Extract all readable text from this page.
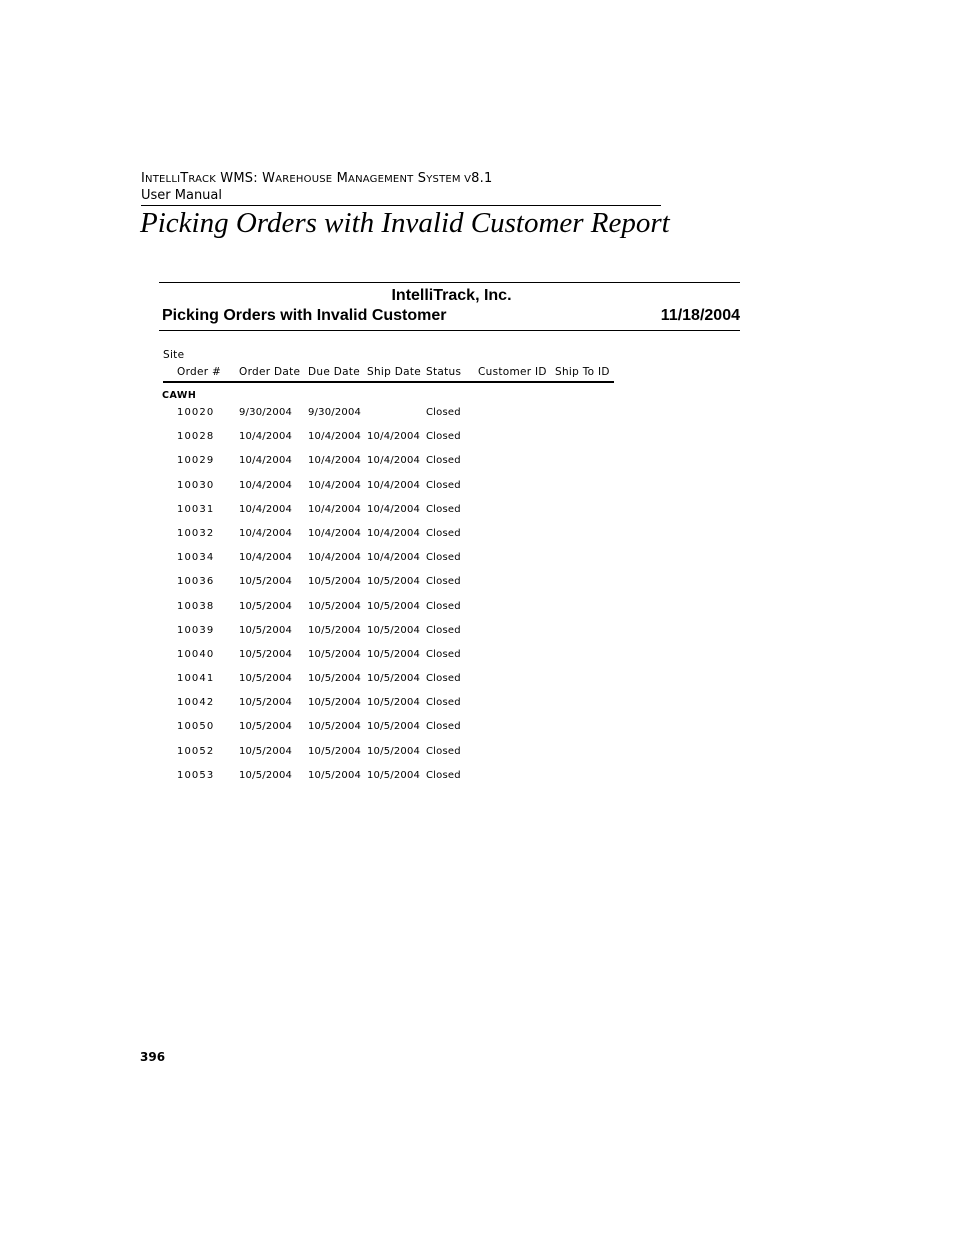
INTELLITRACK WMS: WAREHOUSE MANAGEMENT SYSTEM V8.1
User Manual
Picking Orders with Invalid Customer Report
IntelliTrack, Inc.
Picking Orders with Invalid Customer	11/18/2004
Site
Order # Order Date Due Date Ship Date Status Customer ID Ship To ID
CAWH
10020 9/30/2004 9/30/2004	Closed
10028 10/4/2004 10/4/2004 10/4/2004 Closed
10029 10/4/2004 10/4/2004 10/4/2004 Closed
10030 10/4/2004 10/4/2004 10/4/2004 Closed
10031 10/4/2004 10/4/2004 10/4/2004 Closed
10032 10/4/2004 10/4/2004 10/4/2004 Closed
10034 10/4/2004 10/4/2004 10/4/2004 Closed
10036 10/5/2004 10/5/2004 10/5/2004 Closed
10038 10/5/2004 10/5/2004 10/5/2004 Closed
10039 10/5/2004 10/5/2004 10/5/2004 Closed
10040 10/5/2004 10/5/2004 10/5/2004 Closed
10041 10/5/2004 10/5/2004 10/5/2004 Closed
10042 10/5/2004 10/5/2004 10/5/2004 Closed
10050 10/5/2004 10/5/2004 10/5/2004 Closed
10052 10/5/2004 10/5/2004 10/5/2004 Closed
10053 10/5/2004 10/5/2004 10/5/2004 Closed
396
